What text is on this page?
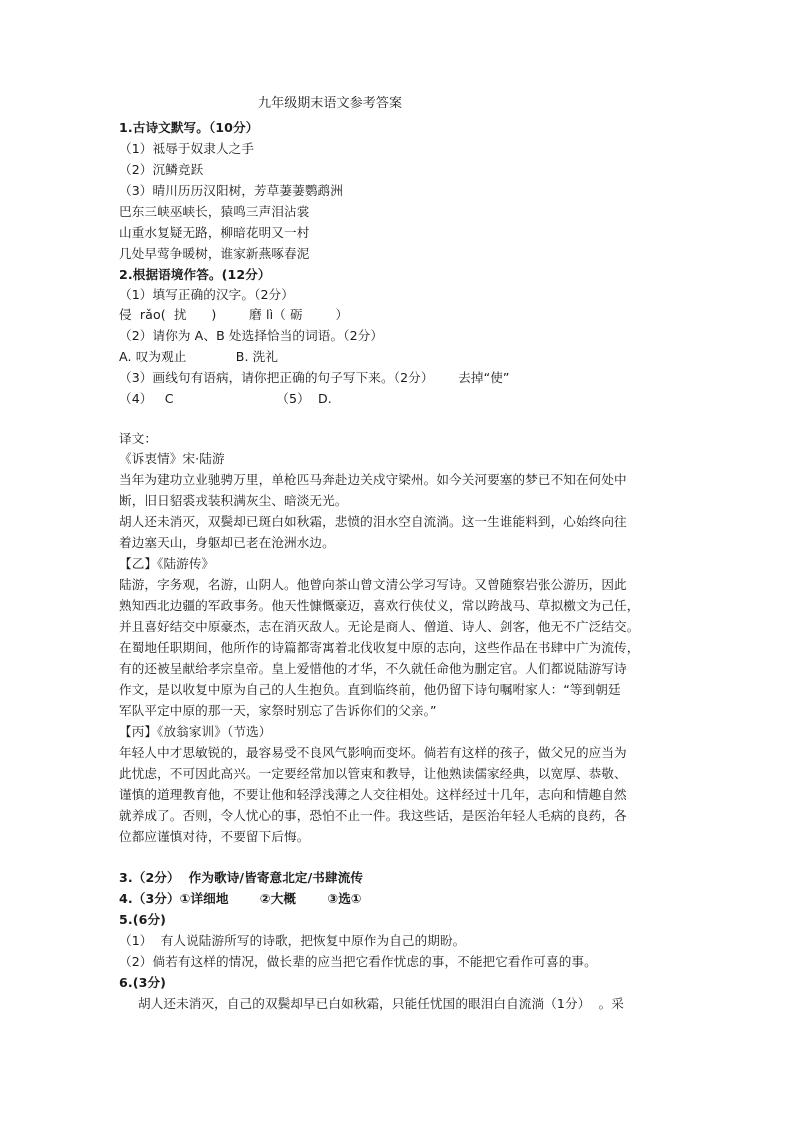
九年级期末语文参考答案
1.古诗文默写。（10分）
（1）祗辱于奴隶人之手
（2）沉鳞竞跃
（3）晴川历历汉阳树，芳草萋萋鹦鹉洲
巴东三峡巫峡长，猿鸣三声泪沾裳
山重水复疑无路，柳暗花明又一村
几处早莺争暖树，谁家新燕啄春泥
2.根据语境作答。(12分）
（1）填写正确的汉字。（2分）
侵  rǎo(  扰      )        磨 lì（ 砺        ）
（2）请你为 A、B 处选择恰当的词语。（2分）
A. 叹为观止            B. 洗礼
（3）画线句有语病，请你把正确的句子写下来。（2分）      去掉“使”
（4）   C                         （5）  D.
译文：
《诉衷情》宋·陆游
当年为建功立业驰骋万里，单枪匹马奔赴边关戍守梁州。如今关河要塞的梦已不知在何处中
断，旧日貂裘戎装积满灰尘、暗淡无光。
胡人还未消灭，双鬓却已斑白如秋霜，悲愤的泪水空自流淌。这一生谁能料到，心始终向往
着边塞天山，身躯却已老在沧洲水边。
【乙】《陆游传》
陆游，字务观，名游，山阴人。他曾向茶山曾文清公学习写诗。又曾随察岩张公游历，因此
熟知西北边疆的军政事务。他天性慷慨豪迈，喜欢行侠仗义，常以跨战马、草拟檄文为己任，
并且喜好结交中原豪杰，志在消灭敌人。无论是商人、僧道、诗人、剑客，他无不广泛结交。
在蜀地任职期间，他所作的诗篇都寄寓着北伐收复中原的志向，这些作品在书肆中广为流传，
有的还被呈献给孝宗皇帝。皇上爱惜他的才华，不久就任命他为删定官。人们都说陆游写诗
作文，是以收复中原为自己的人生抱负。直到临终前，他仍留下诗句嘱咐家人：“等到朝廷
军队平定中原的那一天，家祭时别忘了告诉你们的父亲。”
【丙】《放翁家训》（节选）
年轻人中才思敏锐的，最容易受不良风气影响而变坏。倘若有这样的孩子，做父兄的应当为
此忧虑，不可因此高兴。一定要经常加以管束和教导，让他熟读儒家经典，以宽厚、恭敬、
谨慎的道理教育他，不要让他和轻浮浅薄之人交往相处。这样经过十几年，志向和情趣自然
就养成了。否则，令人忧心的事，恐怕不止一件。我这些话，是医治年轻人毛病的良药，各
位都应谨慎对待，不要留下后悔。
3.（2分）  作为歌诗/皆寄意北定/书肆流传
4.（3分）①详细地       ②大概       ③选①
5.(6分)
（1）  有人说陆游所写的诗歌，把恢复中原作为自己的期盼。
（2）倘若有这样的情况，做长辈的应当把它看作忧虑的事，不能把它看作可喜的事。
6.(3分)
胡人还未消灭，自己的双鬓却早已白如秋霜，只能任忧国的眼泪白自流淌（1分）  。采
